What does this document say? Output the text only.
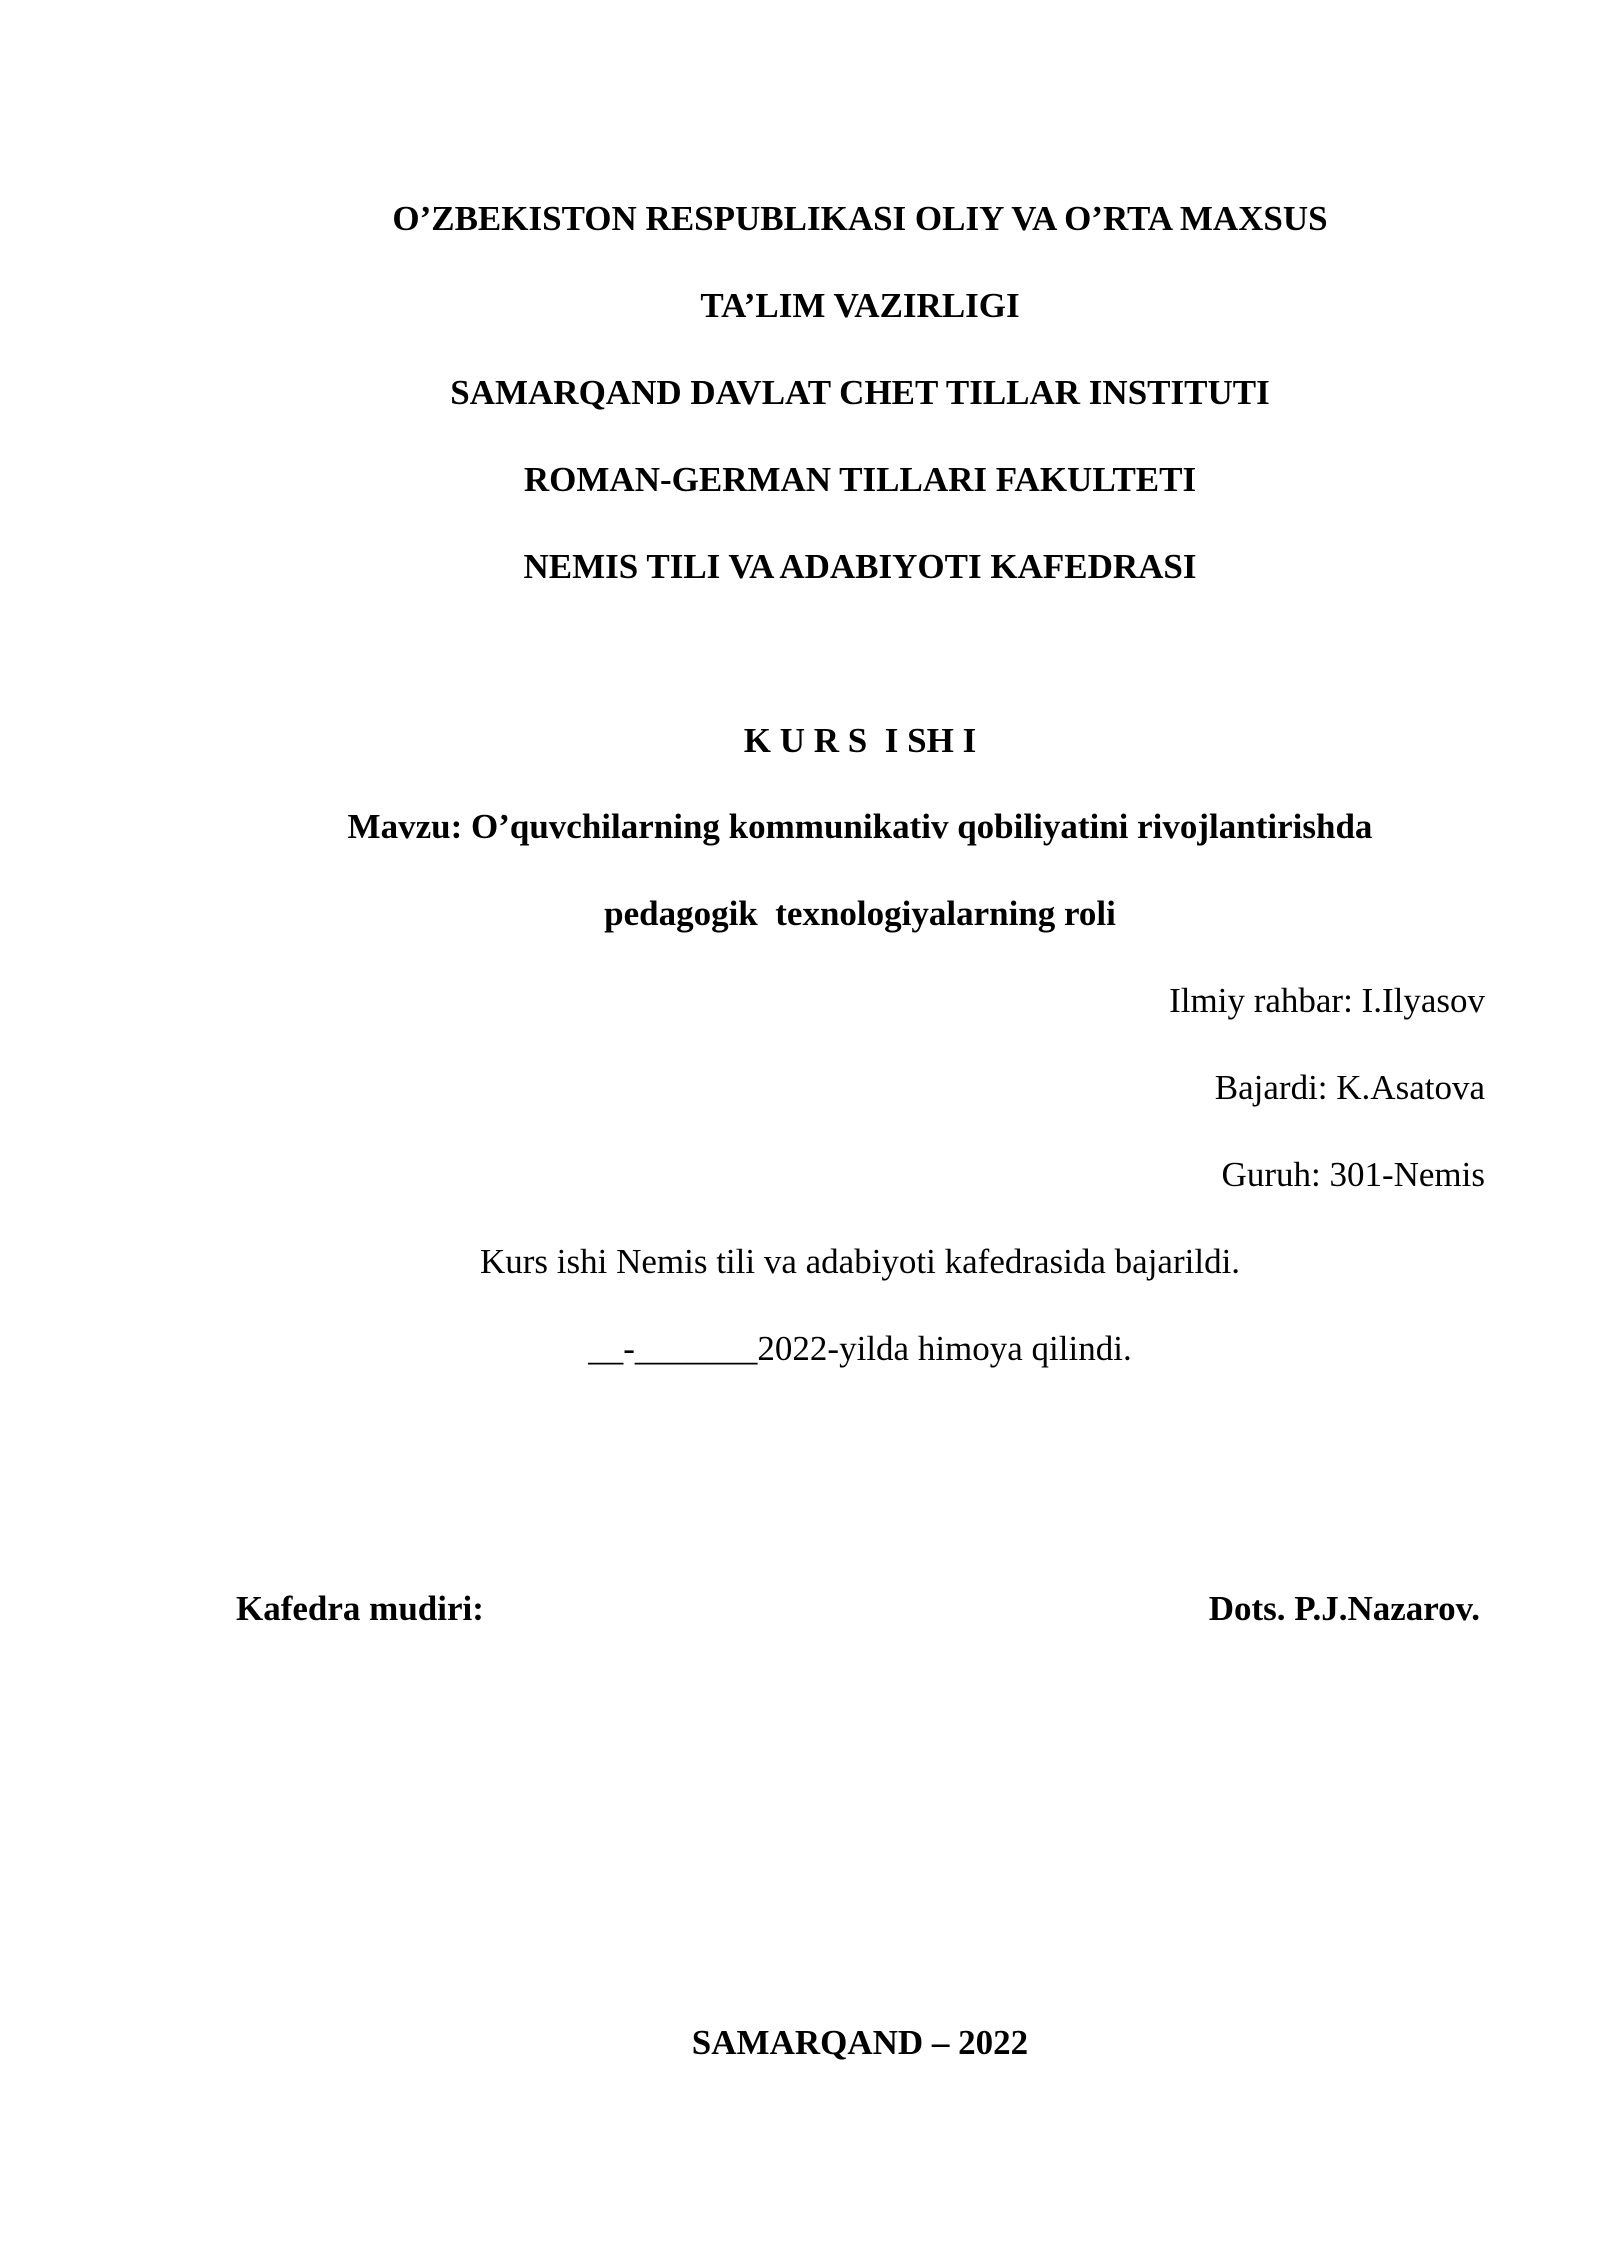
O’ZBEKISTON RESPUBLIKASI OLIY VA O’RTA MAXSUS
TA’LIM VAZIRLIGI
SAMARQAND DAVLAT CHET TILLAR INSTITUTI
ROMAN-GERMAN TILLARI FAKULTETI
NEMIS TILI VA ADABIYOTI KAFEDRASI
K U R S  I SH I
Mavzu: O’quvchilarning kommunikativ qobiliyatini rivojlantirishda
pedagogik  texnologiyalarning roli
Ilmiy rahbar: I.Ilyasov
Bajardi: K.Asatova
Guruh: 301-Nemis
Kurs ishi Nemis tili va adabiyoti kafedrasida bajarildi.
__-_______2022-yilda himoya qilindi.
Kafedra mudiri:	Dots. P.J.Nazarov.
SAMARQAND – 2022
